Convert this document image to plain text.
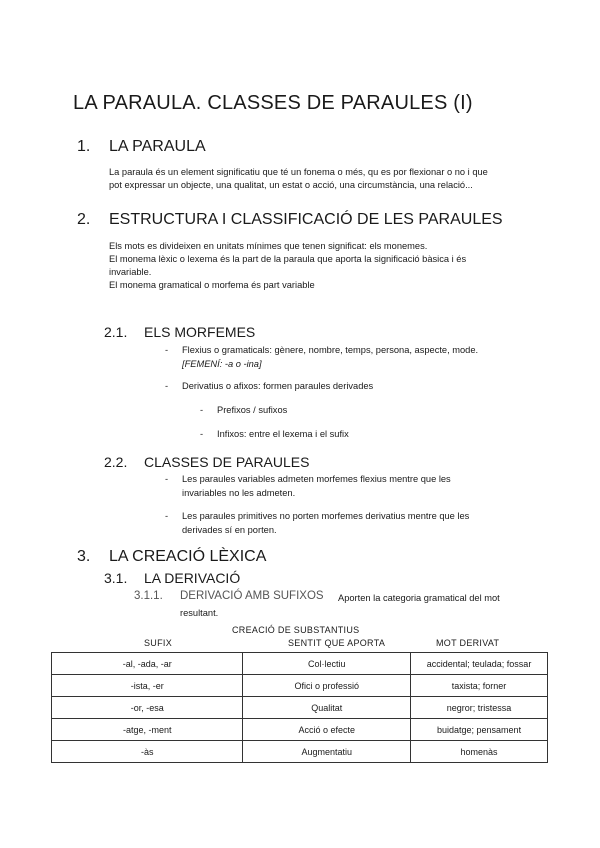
LA PARAULA. CLASSES DE PARAULES (I)
1. LA PARAULA
La paraula és un element significatiu que té un fonema o més, qu es por flexionar o no i que
pot expressar un objecte, una qualitat, un estat o acció, una circumstància, una relació...
2. ESTRUCTURA I CLASSIFICACIÓ DE LES PARAULES
Els mots es divideixen en unitats mínimes que tenen significat: els monemes.
El monema lèxic o lexema és la part de la paraula que aporta la significació bàsica i és
invariable.
El monema gramatical o morfema és part variable
2.1. ELS MORFEMES
- Flexius o gramaticals: gènere, nombre, temps, persona, aspecte, mode.
[FEMENÍ: -a o -ina]
- Derivatius o afixos: formen paraules derivades
- Prefixos / sufixos
- Infixos: entre el lexema i el sufix
2.2. CLASSES DE PARAULES
- Les paraules variables admeten morfemes flexius mentre que les
invariables no les admeten.
- Les paraules primitives no porten morfemes derivatius mentre que les
derivades sí en porten.
3. LA CREACIÓ LÈXICA
3.1. LA DERIVACIÓ
3.1.1. DERIVACIÓ AMB SUFIXOS Aporten la categoria gramatical del mot
resultant.
CREACIÓ DE SUBSTANTIUS
SUFIX	SENTIT QUE APORTA	MOT DERIVAT
-al, -ada, -ar	Col·lectiu	accidental; teulada; fossar
-ista, -er	Ofici o professió	taxista; forner
-or, -esa	Qualitat	negror; tristessa
-atge, -ment	Acció o efecte	buidatge; pensament
-às	Augmentatiu	homenàs
